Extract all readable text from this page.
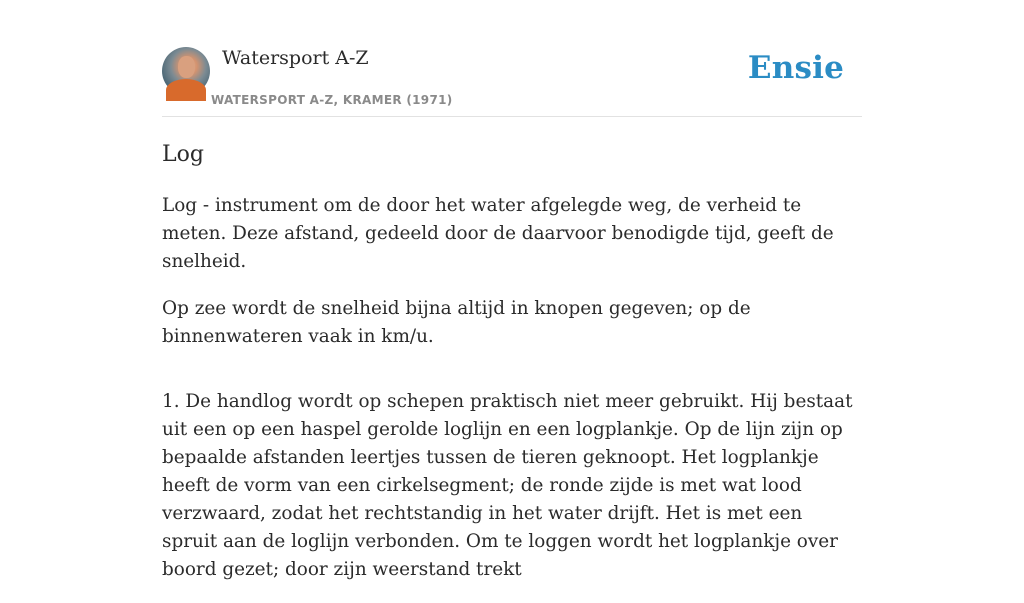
Watersport A-Z
WATERSPORT A-Z, KRAMER (1971)
Ensie
Log

Log - instrument om de door het water afgelegde weg, de verheid te meten. Deze afstand, gedeeld door de daarvoor benodigde tijd, geeft de snelheid.

Op zee wordt de snelheid bijna altijd in knopen gegeven; op de binnenwateren vaak in km/u.

1. De handlog wordt op schepen praktisch niet meer gebruikt. Hij bestaat uit een op een haspel gerolde loglijn en een logplankje. Op de lijn zijn op bepaalde afstanden leertjes tussen de tieren geknoopt. Het logplankje heeft de vorm van een cirkelsegment; de ronde zijde is met wat lood verzwaard, zodat het rechtstandig in het water drijft. Het is met een spruit aan de loglijn verbonden. Om te loggen wordt het logplankje over boord gezet; door zijn weerstand trekt
